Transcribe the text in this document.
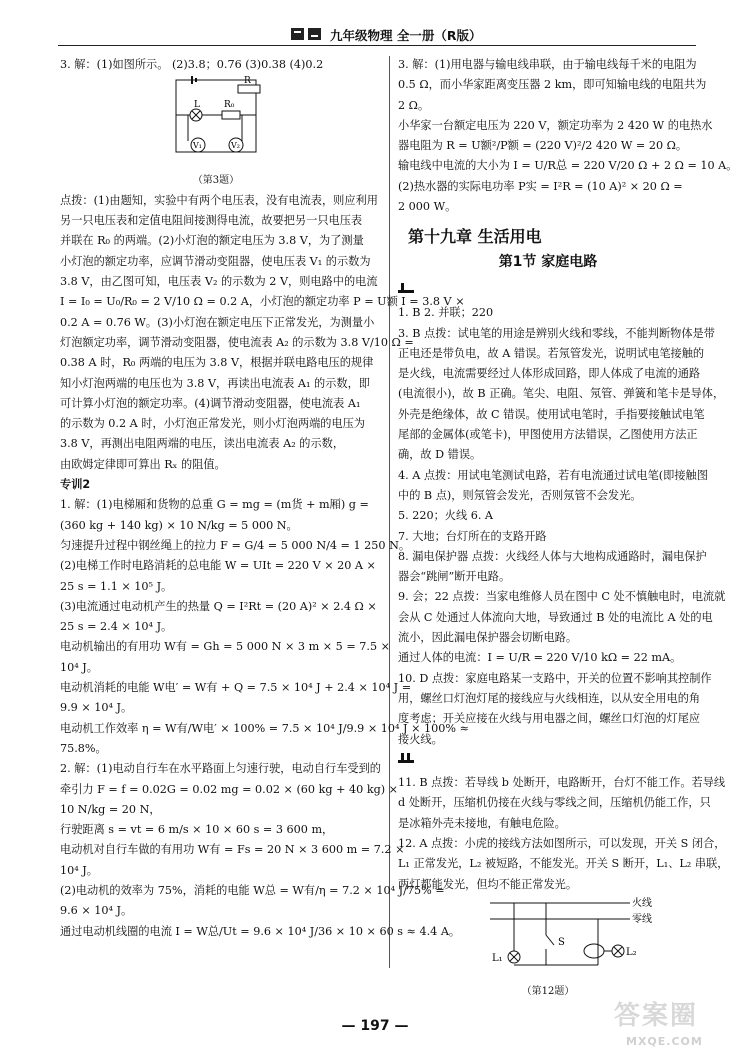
九年级物理 全一册（R版）

3. 解：(1)如图所示。 (2)3.8；0.76 (3)0.38 (4)0.2

R
L	R₀
V₁	V₂

（第3题）

点拨：(1)由题知，实验中有两个电压表，没有电流表，则应利用

另一只电压表和定值电阻间接测得电流，故要把另一只电压表

并联在 R₀ 的两端。(2)小灯泡的额定电压为 3.8 V，为了测量

小灯泡的额定功率，应调节滑动变阻器，使电压表 V₁ 的示数为

3.8 V，由乙图可知，电压表 V₂ 的示数为 2 V，则电路中的电流

I = I₀ = U₀/R₀ = 2 V/10 Ω = 0.2 A，小灯泡的额定功率 P = U额 I = 3.8 V ×

0.2 A = 0.76 W。(3)小灯泡在额定电压下正常发光，为测量小

灯泡额定功率，调节滑动变阻器，使电流表 A₂ 的示数为 3.8 V/10 Ω =

0.38 A 时，R₀ 两端的电压为 3.8 V，根据并联电路电压的规律

知小灯泡两端的电压也为 3.8 V，再读出电流表 A₁ 的示数，即

可计算小灯泡的额定功率。(4)调节滑动变阻器，使电流表 A₁

的示数为 0.2 A 时，小灯泡正常发光，则小灯泡两端的电压为

3.8 V，再测出电阻两端的电压，读出电流表 A₂ 的示数，

由欧姆定律即可算出 Rₓ 的阻值。

专训2

1. 解：(1)电梯厢和货物的总重 G = mg = (m货 + m厢) g =

(360 kg + 140 kg) × 10 N/kg = 5 000 N。

匀速提升过程中钢丝绳上的拉力 F = G/4 = 5 000 N/4 = 1 250 N。

(2)电梯工作时电路消耗的总电能 W = UIt = 220 V × 20 A ×

25 s = 1.1 × 10⁵ J。

(3)电流通过电动机产生的热量 Q = I²Rt = (20 A)² × 2.4 Ω ×

25 s = 2.4 × 10⁴ J。

电动机输出的有用功 W有 = Gh = 5 000 N × 3 m × 5 = 7.5 ×

10⁴ J。

电动机消耗的电能 W电′ = W有 + Q = 7.5 × 10⁴ J + 2.4 × 10⁴ J =

9.9 × 10⁴ J。

电动机工作效率 η = W有/W电′ × 100% = 7.5 × 10⁴ J/9.9 × 10⁴ J × 100% ≈

75.8%。

2. 解：(1)电动自行车在水平路面上匀速行驶，电动自行车受到的

牵引力 F = f = 0.02G = 0.02 mg = 0.02 × (60 kg + 40 kg) ×

10 N/kg = 20 N，

行驶距离 s = vt = 6 m/s × 10 × 60 s = 3 600 m，

电动机对自行车做的有用功 W有 = Fs = 20 N × 3 600 m = 7.2 ×

10⁴ J。

(2)电动机的效率为 75%，消耗的电能 W总 = W有/η = 7.2 × 10⁴ J/75% =

9.6 × 10⁴ J。

通过电动机线圈的电流 I = W总/Ut = 9.6 × 10⁴ J/36 × 10 × 60 s ≈ 4.4 A。

3. 解：(1)用电器与输电线串联，由于输电线每千米的电阻为

0.5 Ω，而小华家距离变压器 2 km，即可知输电线的电阻共为

2 Ω。

小华家一台额定电压为 220 V，额定功率为 2 420 W 的电热水

器电阻为 R = U额²/P额 = (220 V)²/2 420 W = 20 Ω。

输电线中电流的大小为 I = U/R总 = 220 V/20 Ω + 2 Ω = 10 A。

(2)热水器的实际电功率 P实 = I²R = (10 A)² × 20 Ω =

2 000 W。

第十九章 生活用电
第1节 家庭电路

1. B 2. 并联；220

3. B 点拨：试电笔的用途是辨别火线和零线，不能判断物体是带

正电还是带负电，故 A 错误。若氖管发光，说明试电笔接触的

是火线，电流需要经过人体形成回路，即人体成了电流的通路

(电流很小)，故 B 正确。笔尖、电阻、氖管、弹簧和笔卡是导体，

外壳是绝缘体，故 C 错误。使用试电笔时，手指要接触试电笔

尾部的金属体(或笔卡)，甲图使用方法错误，乙图使用方法正

确，故 D 错误。

4. A 点拨：用试电笔测试电路，若有电流通过试电笔(即接触图

中的 B 点)，则氖管会发光，否则氖管不会发光。

5. 220；火线 6. A

7. 大地；台灯所在的支路开路

8. 漏电保护器 点拨：火线经人体与大地构成通路时，漏电保护

器会“跳闸”断开电路。

9. 会；22 点拨：当家电维修人员在图中 C 处不慎触电时，电流就

会从 C 处通过人体流向大地，导致通过 B 处的电流比 A 处的电

流小，因此漏电保护器会切断电路。

通过人体的电流：I = U/R = 220 V/10 kΩ = 22 mA。

10. D 点拨：家庭电路某一支路中，开关的位置不影响其控制作

用，螺丝口灯泡灯尾的接线应与火线相连，以从安全用电的角

度考虑；开关应接在火线与用电器之间，螺丝口灯泡的灯尾应

接火线。

11. B 点拨：若导线 b 处断开，电路断开，台灯不能工作。若导线

d 处断开，压缩机仍接在火线与零线之间，压缩机仍能工作，只

是冰箱外壳未接地，有触电危险。

12. A 点拨：小虎的接线方法如图所示，可以发现，开关 S 闭合，

L₁ 正常发光，L₂ 被短路，不能发光。开关 S 断开，L₁、L₂ 串联，

两灯都能发光，但均不能正常发光。

火线
零线
L₁
S
L₂

（第12题）

— 197 —	答案圈
MXQE.COM
